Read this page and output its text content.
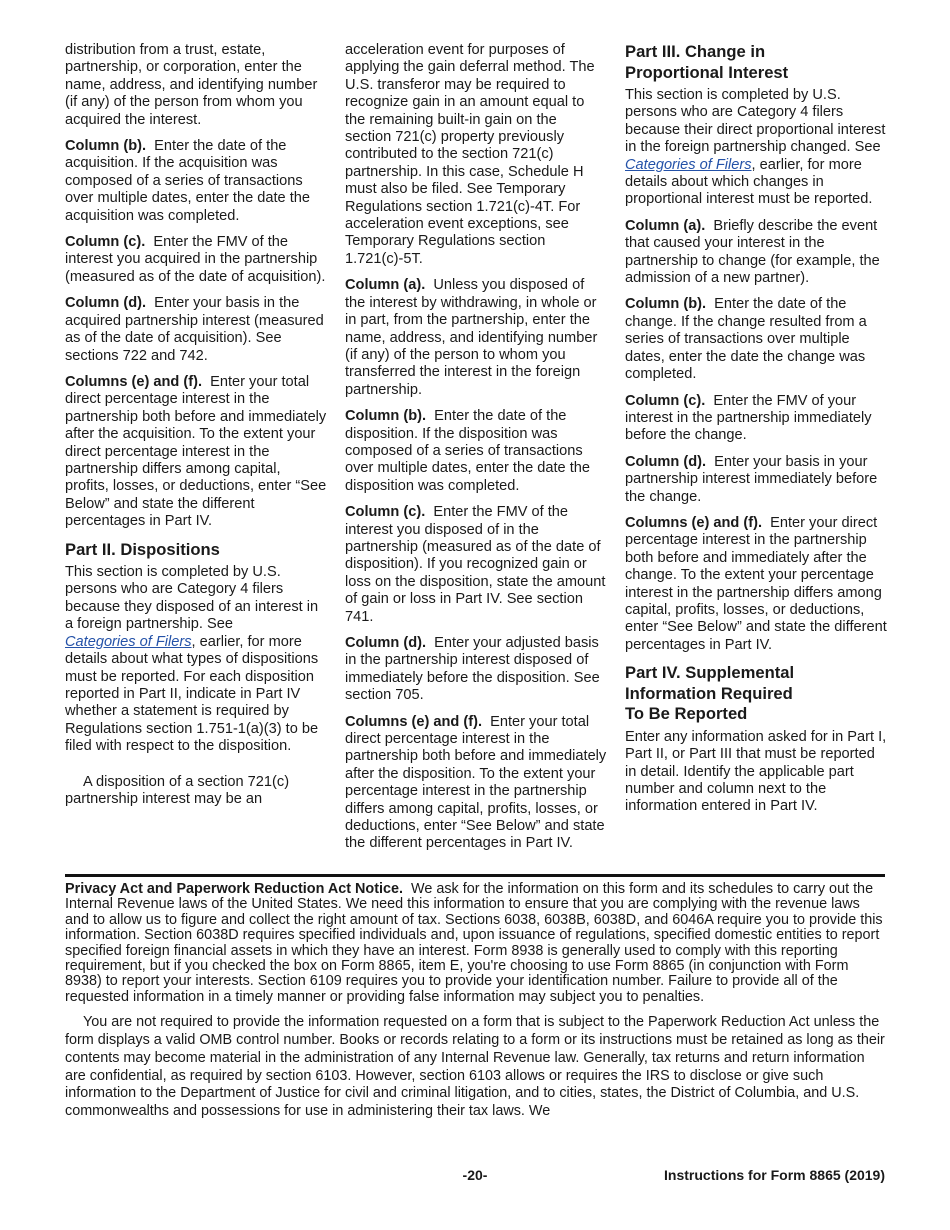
distribution from a trust, estate, partnership, or corporation, enter the name, address, and identifying number (if any) of the person from whom you acquired the interest.

Column (b). Enter the date of the acquisition. If the acquisition was composed of a series of transactions over multiple dates, enter the date the acquisition was completed.

Column (c). Enter the FMV of the interest you acquired in the partnership (measured as of the date of acquisition).

Column (d). Enter your basis in the acquired partnership interest (measured as of the date of acquisition). See sections 722 and 742.

Columns (e) and (f). Enter your total direct percentage interest in the partnership both before and immediately after the acquisition. To the extent your direct percentage interest in the partnership differs among capital, profits, losses, or deductions, enter “See Below” and state the different percentages in Part IV.

Part II. Dispositions

This section is completed by U.S. persons who are Category 4 filers because they disposed of an interest in a foreign partnership. See
Categories of Filers, earlier, for more details about what types of dispositions must be reported. For each disposition reported in Part II, indicate in Part IV whether a statement is required by Regulations section 1.751-1(a)(3) to be filed with respect to the disposition.

A disposition of a section 721(c) partnership interest may be an

acceleration event for purposes of applying the gain deferral method. The U.S. transferor may be required to recognize gain in an amount equal to the remaining built-in gain on the section 721(c) property previously contributed to the section 721(c) partnership. In this case, Schedule H must also be filed. See Temporary Regulations section 1.721(c)-4T. For acceleration event exceptions, see Temporary Regulations section 1.721(c)-5T.

Column (a). Unless you disposed of the interest by withdrawing, in whole or in part, from the partnership, enter the name, address, and identifying number (if any) of the person to whom you transferred the interest in the foreign partnership.

Column (b). Enter the date of the disposition. If the disposition was composed of a series of transactions over multiple dates, enter the date the disposition was completed.

Column (c). Enter the FMV of the interest you disposed of in the partnership (measured as of the date of disposition). If you recognized gain or loss on the disposition, state the amount of gain or loss in Part IV. See section 741.

Column (d). Enter your adjusted basis in the partnership interest disposed of immediately before the disposition. See section 705.

Columns (e) and (f). Enter your total direct percentage interest in the partnership both before and immediately after the disposition. To the extent your percentage interest in the partnership differs among capital, profits, losses, or deductions, enter “See Below” and state the different percentages in Part IV.

Part III. Change in
Proportional Interest

This section is completed by U.S. persons who are Category 4 filers because their direct proportional interest in the foreign partnership changed. See Categories of Filers, earlier, for more details about which changes in proportional interest must be reported.

Column (a). Briefly describe the event that caused your interest in the partnership to change (for example, the admission of a new partner).

Column (b). Enter the date of the change. If the change resulted from a series of transactions over multiple dates, enter the date the change was completed.

Column (c). Enter the FMV of your interest in the partnership immediately before the change.

Column (d). Enter your basis in your partnership interest immediately before the change.

Columns (e) and (f). Enter your direct percentage interest in the partnership both before and immediately after the change. To the extent your percentage interest in the partnership differs among capital, profits, losses, or deductions, enter “See Below” and state the different percentages in Part IV.

Part IV. Supplemental
Information Required
To Be Reported

Enter any information asked for in Part I, Part II, or Part III that must be reported in detail. Identify the applicable part number and column next to the information entered in Part IV.

Privacy Act and Paperwork Reduction Act Notice. We ask for the information on this form and its schedules to carry out the Internal Revenue laws of the United States. We need this information to ensure that you are complying with the revenue laws and to allow us to figure and collect the right amount of tax. Sections 6038, 6038B, 6038D, and 6046A require you to provide this information. Section 6038D requires specified individuals and, upon issuance of regulations, specified domestic entities to report specified foreign financial assets in which they have an interest. Form 8938 is generally used to comply with this reporting requirement, but if you checked the box on Form 8865, item E, you're choosing to use Form 8865 (in conjunction with Form 8938) to report your interests. Section 6109 requires you to provide your identification number. Failure to provide all of the requested information in a timely manner or providing false information may subject you to penalties.

You are not required to provide the information requested on a form that is subject to the Paperwork Reduction Act unless the form displays a valid OMB control number. Books or records relating to a form or its instructions must be retained as long as their contents may become material in the administration of any Internal Revenue law. Generally, tax returns and return information are confidential, as required by section 6103. However, section 6103 allows or requires the IRS to disclose or give such information to the Department of Justice for civil and criminal litigation, and to cities, states, the District of Columbia, and U.S. commonwealths and possessions for use in administering their tax laws. We

-20-	Instructions for Form 8865 (2019)
